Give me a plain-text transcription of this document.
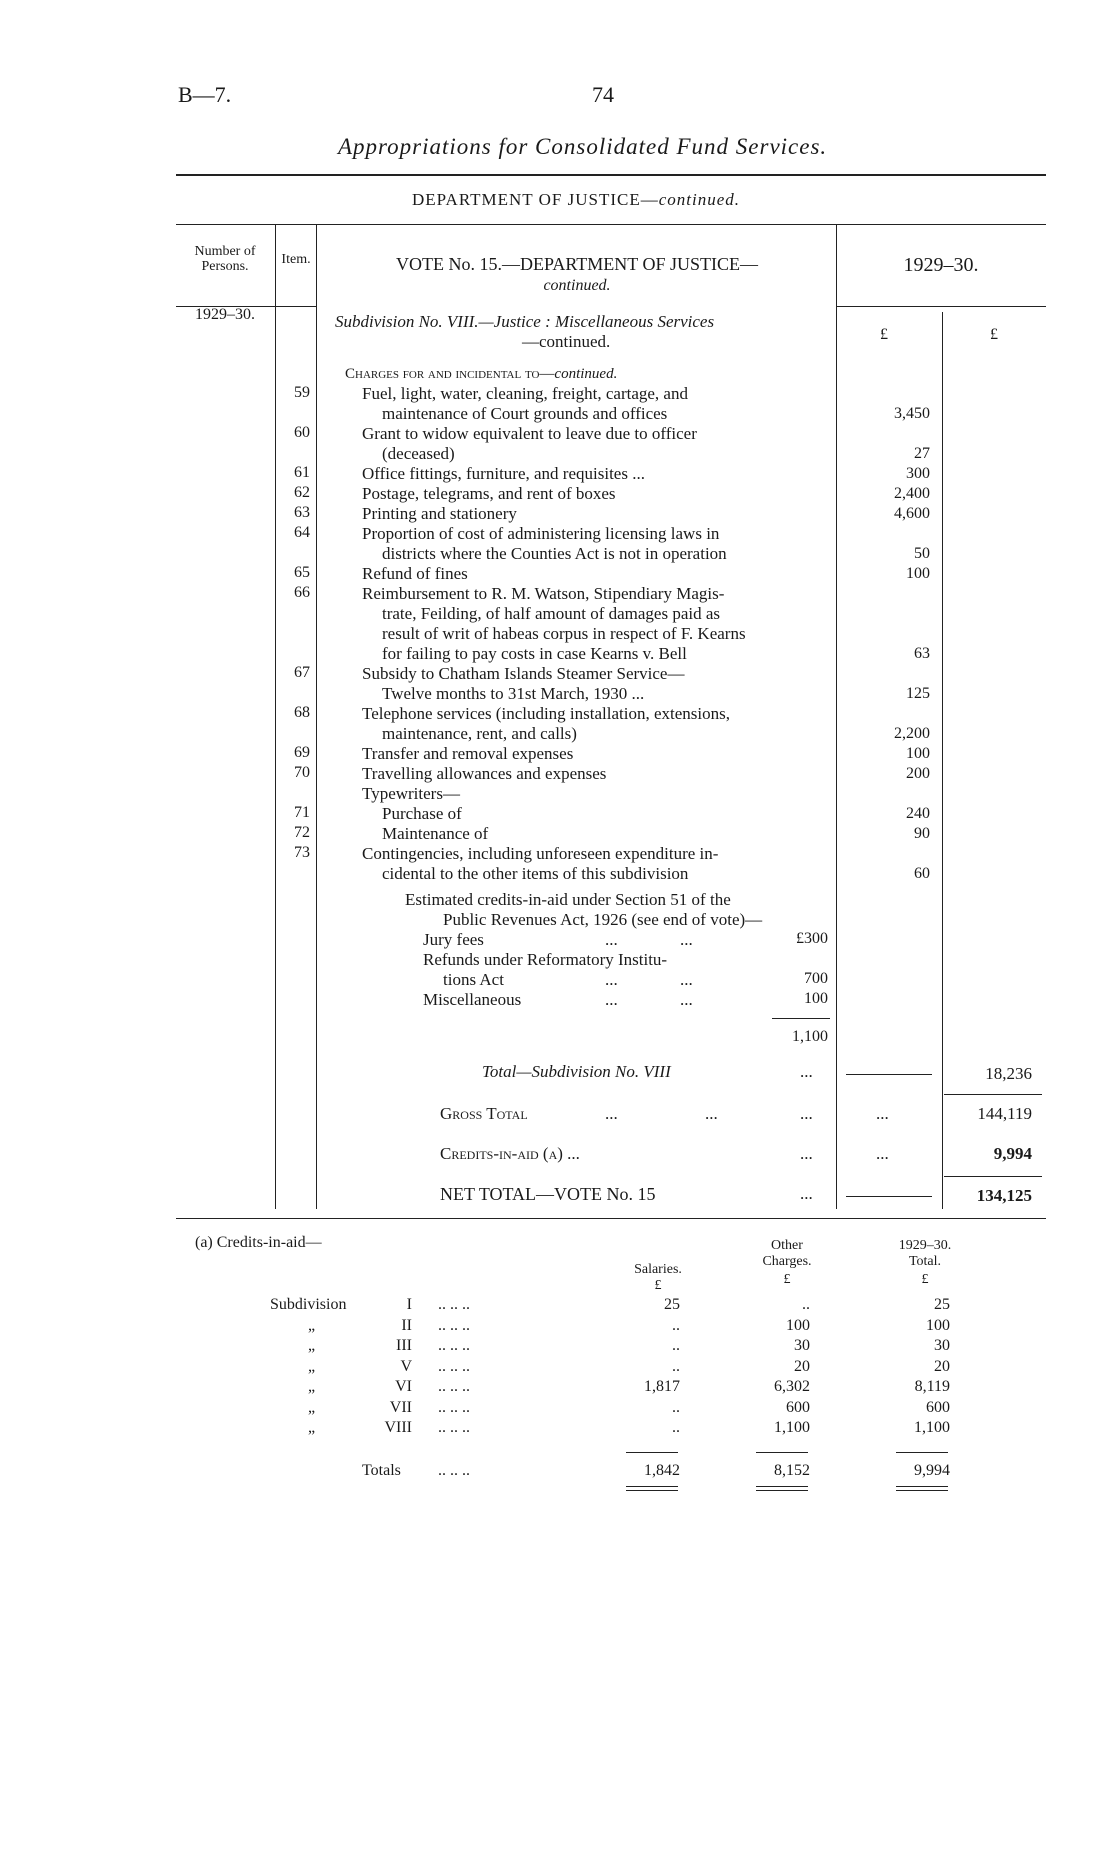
B—7.	74
Appropriations for Consolidated Fund Services.
DEPARTMENT OF JUSTICE—continued.
Number of Persons.	Item.	VOTE No. 15.—DEPARTMENT OF JUSTICE—
continued.
1929–30.
1929–30.	Subdivision No. VIII.—Justice : Miscellaneous Services
—continued.	£	£
Charges for and incidental to—continued.
59	Fuel, light, water, cleaning, freight, cartage, and
maintenance of Court grounds and offices	3,450
60	Grant to widow equivalent to leave due to officer
(deceased)	27
61	Office fittings, furniture, and requisites ...	300
62	Postage, telegrams, and rent of boxes	2,400
63	Printing and stationery	4,600
64	Proportion of cost of administering licensing laws in
districts where the Counties Act is not in operation	50
65	Refund of fines	100
66	Reimbursement to R. M. Watson, Stipendiary Magis-
trate, Feilding, of half amount of damages paid as
result of writ of habeas corpus in respect of F. Kearns
for failing to pay costs in case Kearns v. Bell	63
67	Subsidy to Chatham Islands Steamer Service—
Twelve months to 31st March, 1930 ...	125
68	Telephone services (including installation, extensions,
maintenance, rent, and calls)	2,200
69	Transfer and removal expenses	100
70	Travelling allowances and expenses	200
Typewriters—
71	Purchase of	240
72	Maintenance of	90
73	Contingencies, including unforeseen expenditure in-
cidental to the other items of this subdivision	60
Estimated credits-in-aid under Section 51 of the
Public Revenues Act, 1926 (see end of vote)—
Jury fees	...	...	£300
Refunds under Reformatory Institu-
tions Act	...	...	700
Miscellaneous	...	...	100
1,100
Total—Subdivision No. VIII	...	18,236
Gross Total	...	...	...	...	144,119
Credits-in-aid (a) ...	...	...	9,994
NET TOTAL—VOTE No. 15	...	134,125
(a) Credits-in-aid—
Salaries.
Other
Charges.
1929–30.
Total.
£	£	£
Subdivision	I .. .. ..	25	..	25
„	II .. .. ..	..	100	100
„	III .. .. ..	..	30	30
„	V .. .. ..	..	20	20
„	VI .. .. ..	1,817	6,302	8,119
„	VII .. .. ..	..	600	600
„	VIII .. .. ..	..	1,100	1,100
Totals .. .. ..	1,842	8,152	9,994
